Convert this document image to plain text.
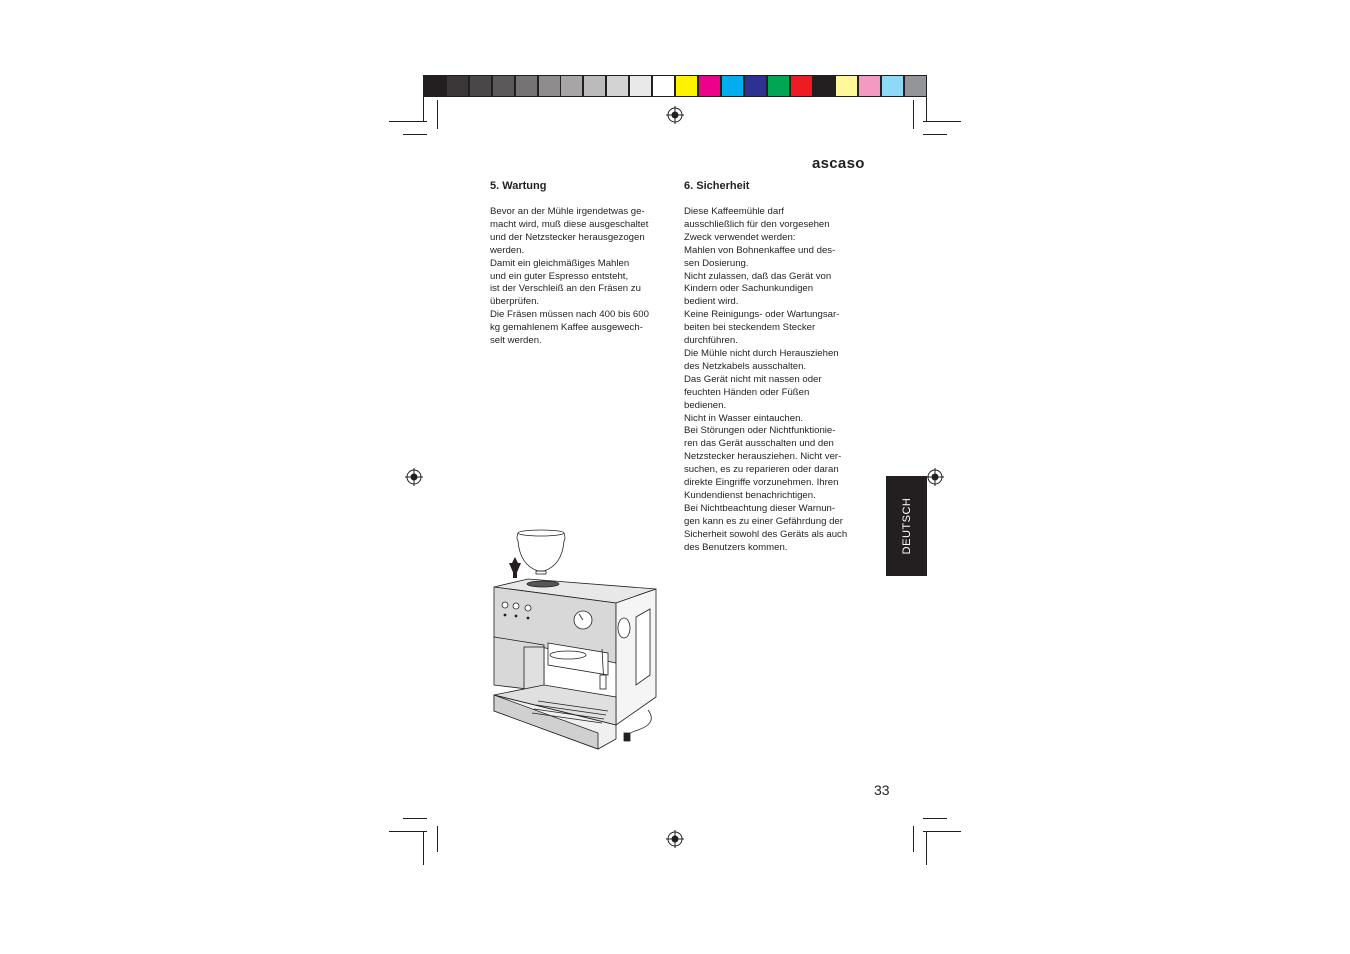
ascaso
5. Wartung
Bevor an der Mühle irgendetwas ge-
macht wird, muß diese ausgeschaltet
und der Netzstecker herausgezogen
werden.
Damit ein gleichmäßiges Mahlen
und ein guter Espresso entsteht,
ist der Verschleiß an den Fräsen zu
überprüfen.
Die Fräsen müssen nach 400 bis 600
kg gemahlenem Kaffee ausgewech-
selt werden.
6. Sicherheit
Diese Kaffeemühle darf
ausschließlich für den vorgesehen
Zweck verwendet werden:
Mahlen von Bohnenkaffee und des-
sen Dosierung.
Nicht zulassen, daß das Gerät von
Kindern oder Sachunkundigen
bedient wird.
Keine Reinigungs- oder Wartungsar-
beiten bei steckendem Stecker
durchführen.
Die Mühle nicht durch Herausziehen
des Netzkabels ausschalten.
Das Gerät nicht mit nassen oder
feuchten Händen oder Füßen
bedienen.
Nicht in Wasser eintauchen.
Bei Störungen oder Nichtfunktionie-
ren das Gerät ausschalten und den
Netzstecker herausziehen. Nicht ver-
suchen, es zu reparieren oder daran
direkte Eingriffe vorzunehmen. Ihren
Kundendienst benachrichtigen.
Bei Nichtbeachtung dieser Warnun-
gen kann es zu einer Gefährdung der
Sicherheit sowohl des Geräts als auch
des Benutzers kommen.	DEUTSCH
33
